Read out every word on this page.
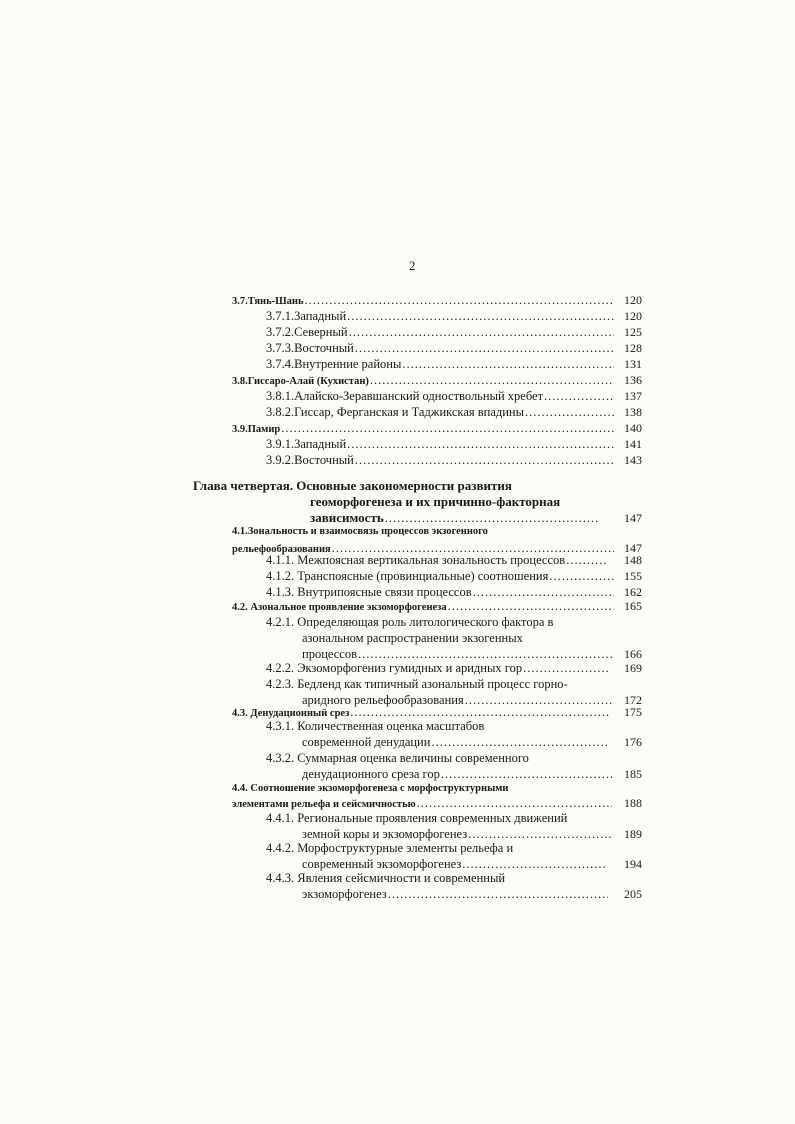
2
3.7.Тянь-Шань .....	120
3.7.1.Западный .....	120
3.7.2.Северный .....	125
3.7.3.Восточный .....	128
3.7.4.Внутренние районы .....	131
3.8.Гиссаро-Алай (Кухистан) .....	136
3.8.1.Алайско-Зеравшанский одноствольный хребет .....	137
3.8.2.Гиссар, Ферганская и Таджикская впадины .....	138
3.9.Памир .....	140
3.9.1.Западный .....	141
3.9.2.Восточный .....	143
Глава четвертая. Основные закономерности развития
геоморфогенеза и их причинно-факторная
зависимость .....	147
4.1.Зональность и взаимосвязь процессов экзогенного
рельефообразования .....	147
4.1.1. Межпоясная вертикальная зональность процессов .....	148
4.1.2. Транспоясные (провинциальные) соотношения .....	155
4.1.3. Внутрипоясные связи процессов .....	162
4.2. Азональное проявление экзоморфогенеза .....	165
4.2.1. Определяющая роль литологического фактора в
азональном распространении экзогенных
процессов .....	166
4.2.2. Экзоморфогениз гумидных и аридных гор .....	169
4.2.3. Бедленд как типичный азональный процесс горно-
аридного рельефообразования .....	172
4.3. Денудационный срез .....	175
4.3.1. Количественная оценка масштабов
современной денудации .....	176
4.3.2. Суммарная оценка величины современного
денудационного среза гор .....	185
4.4. Соотношение экзоморфогенеза с морфоструктурными
элементами рельефа и сейсмичностью .....	188
4.4.1. Региональные проявления современных движений
земной коры и экзоморфогенез .....	189
4.4.2. Морфоструктурные элементы рельефа и
современный экзоморфогенез .....	194
4.4.3. Явления сейсмичности и современный
экзоморфогенез .....	205
